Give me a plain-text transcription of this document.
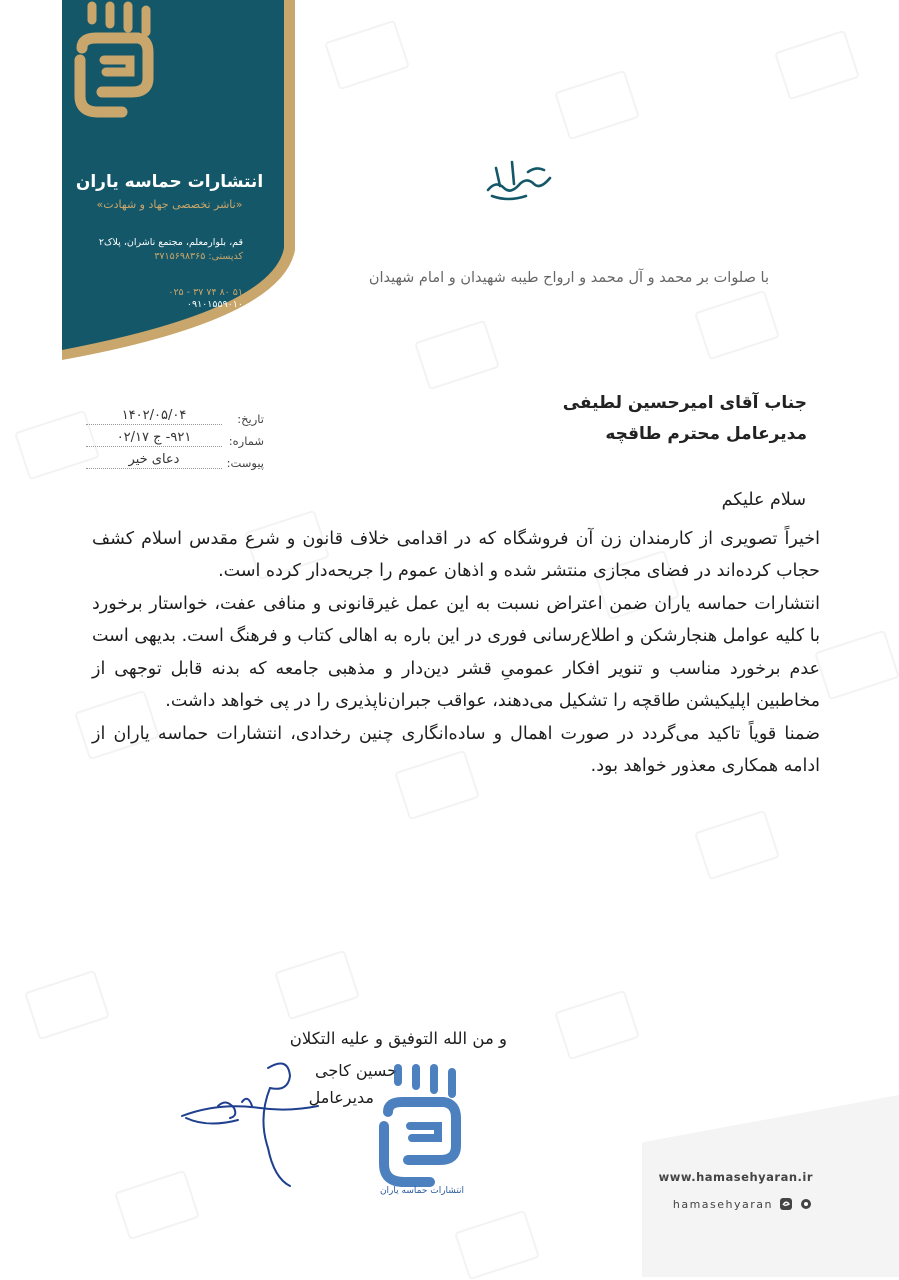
انتشارات حماسه یاران
«ناشر تخصصی جهاد و شهادت»
قم، بلوارمعلم، مجتمع ناشران، پلاک۲
کدپستی: ۳۷۱۵۶۹۸۳۶۵
۰۲۵ - ۳۷ ۷۴ ۸۰ ۵۱
۰۹۱۰۱۵۵۹۰۱۰
با صلوات بر محمد و آل محمد و ارواح طیبه شهیدان و امام شهیدان
جناب آقای امیرحسین لطیفی
مدیرعامل محترم طاقچه
تاریخ:
۱۴۰۲/۰۵/۰۴
شماره:
۹۲۱- ج ۰۲/۱۷
پیوست:
دعای خیر

سلام علیکم

اخیراً تصویری از کارمندان زن آن فروشگاه که در اقدامی خلاف قانون و شرع مقدس اسلام کشف حجاب کرده‌اند در فضای مجازی منتشر شده و اذهان عموم را جریحه‌دار کرده است.

انتشارات حماسه یاران ضمن اعتراض نسبت به این عمل غیرقانونی و منافی عفت، خواستار برخورد با کلیه عوامل هنجارشکن و اطلاع‌رسانی فوری در این باره به اهالی کتاب و فرهنگ است. بدیهی است عدم برخورد مناسب و تنویر افکار عمومیِ قشر دین‌دار و مذهبی جامعه که بدنه قابل توجهی از مخاطبین اپلیکیشن طاقچه را تشکیل می‌دهند، عواقب جبران‌ناپذیری را در پی خواهد داشت.

ضمنا قویاً تاکید می‌گردد در صورت اهمال و ساده‌انگاری چنین رخدادی، انتشارات حماسه یاران از ادامه همکاری معذور خواهد بود.

و من الله التوفیق و علیه التکلان
حسین کاجی
مدیرعامل
انتشارات حماسه یاران
www.hamasehyaran.ir
hamasehyaran
